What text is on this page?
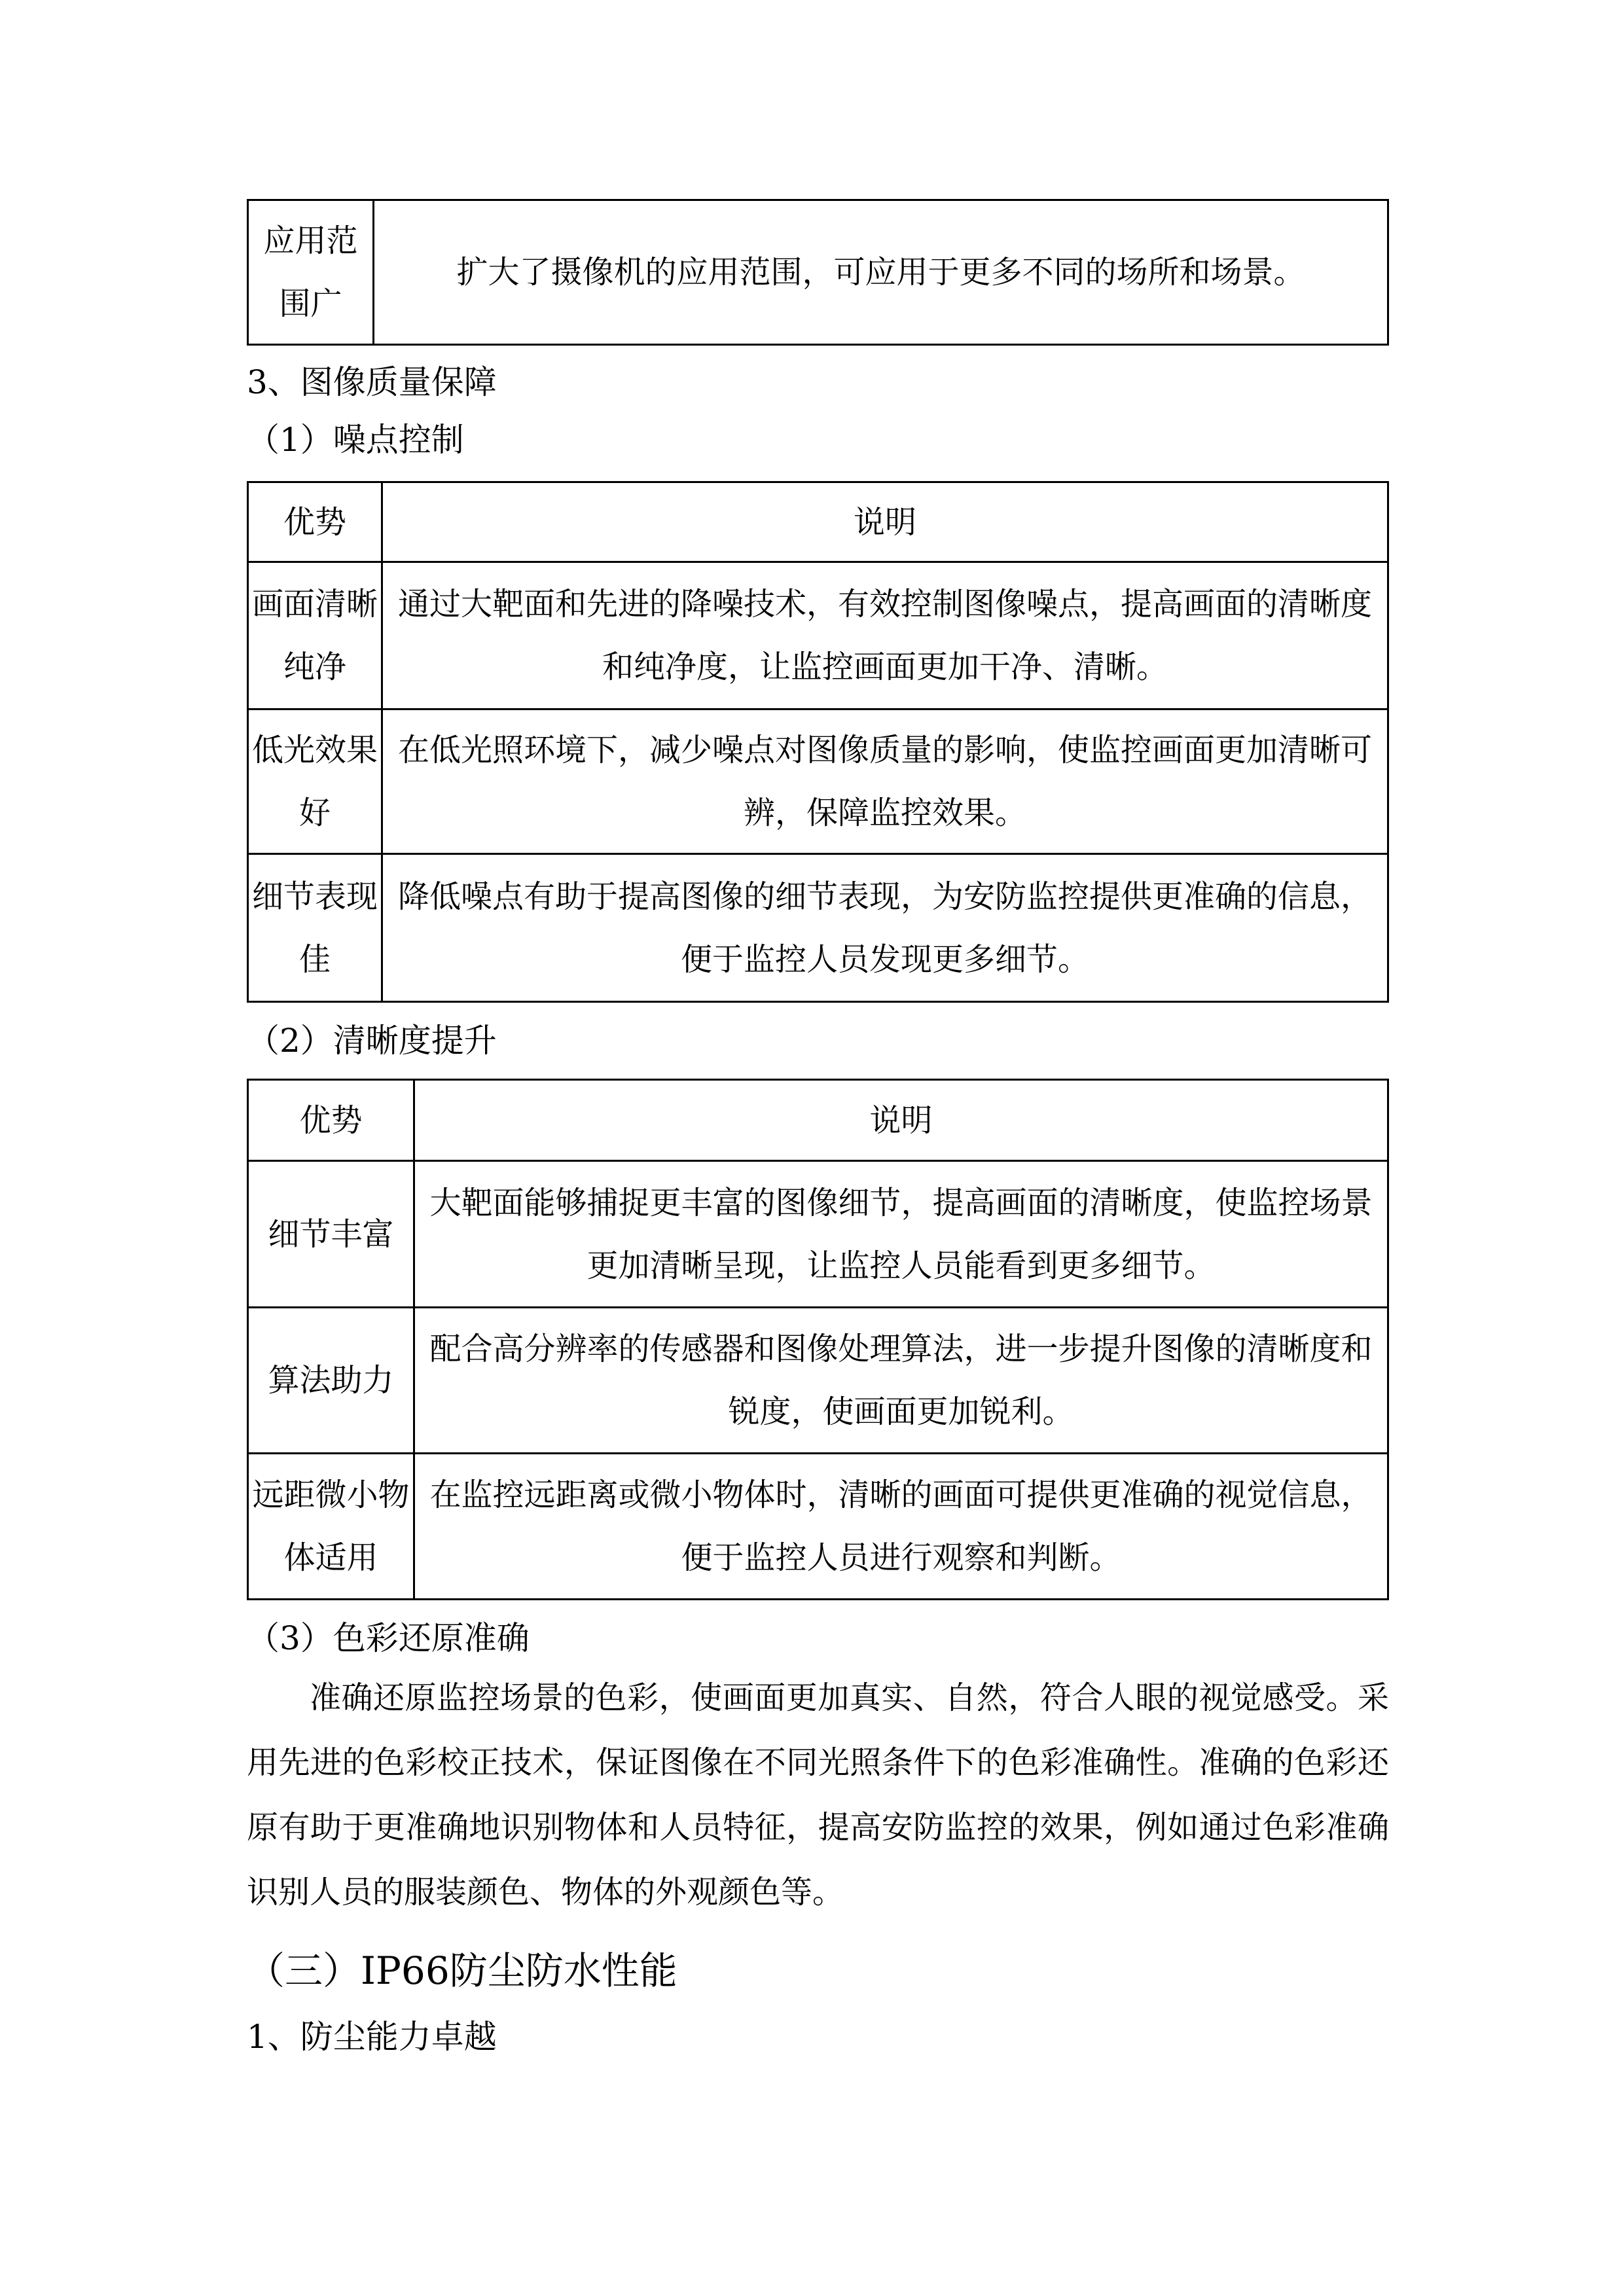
应用范围广	扩大了摄像机的应用范围，可应用于更多不同的场所和场景。
3、图像质量保障
（1）噪点控制
优势	说明
画面清晰纯净	通过大靶面和先进的降噪技术，有效控制图像噪点，提高画面的清晰度和纯净度，让监控画面更加干净、清晰。
低光效果好	在低光照环境下，减少噪点对图像质量的影响，使监控画面更加清晰可辨，保障监控效果。
细节表现佳	降低噪点有助于提高图像的细节表现，为安防监控提供更准确的信息，便于监控人员发现更多细节。
（2）清晰度提升
优势	说明
细节丰富	大靶面能够捕捉更丰富的图像细节，提高画面的清晰度，使监控场景更加清晰呈现，让监控人员能看到更多细节。
算法助力	配合高分辨率的传感器和图像处理算法，进一步提升图像的清晰度和锐度，使画面更加锐利。
远距微小物体适用	在监控远距离或微小物体时，清晰的画面可提供更准确的视觉信息，便于监控人员进行观察和判断。
（3）色彩还原准确
准确还原监控场景的色彩，使画面更加真实、自然，符合人眼的视觉感受。采用先进的色彩校正技术，保证图像在不同光照条件下的色彩准确性。准确的色彩还原有助于更准确地识别物体和人员特征，提高安防监控的效果，例如通过色彩准确识别人员的服装颜色、物体的外观颜色等。
（三）IP66防尘防水性能
1、防尘能力卓越
